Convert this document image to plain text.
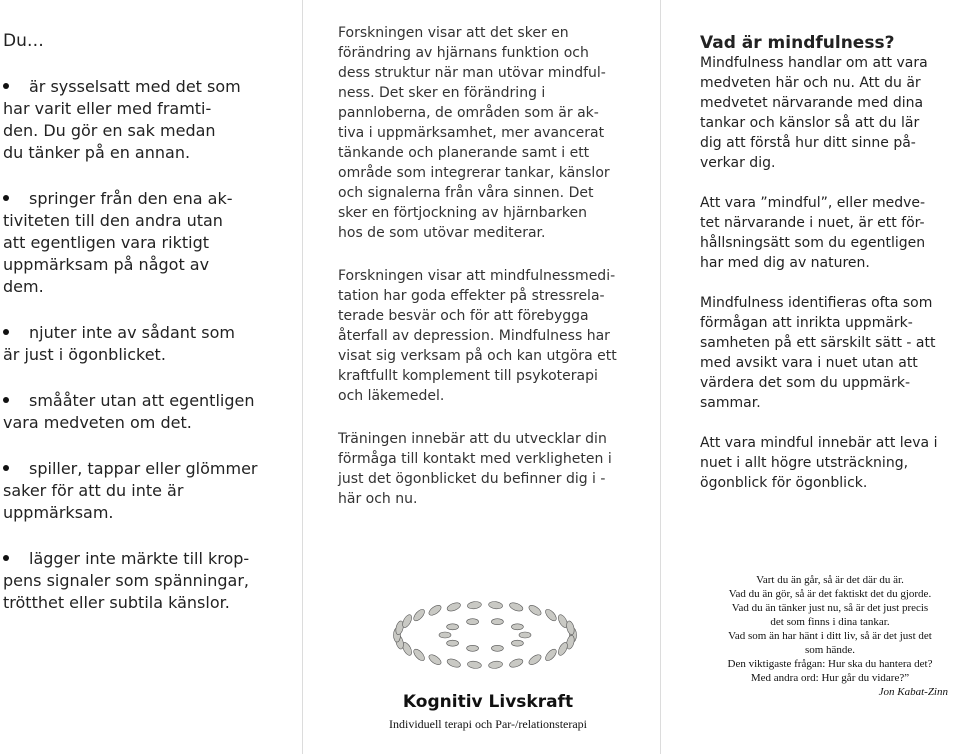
Du…
är sysselsatt med det som
har varit eller med framti-
den. Du gör en sak medan
du tänker på en annan.
springer från den ena ak-
tiviteten till den andra utan
att egentligen vara riktigt
uppmärksam på något av
dem.
njuter inte av sådant som
är just i ögonblicket.
smååter utan att egentligen
vara medveten om det.
spiller, tappar eller glömmer
saker för att du inte är
uppmärksam.
lägger inte märkte till krop-
pens signaler som spänningar,
trötthet eller subtila känslor.

Forskningen visar att det sker en
förändring av hjärnans funktion och
dess struktur när man utövar mindful-
ness. Det sker en förändring i
pannloberna, de områden som är ak-
tiva i uppmärksamhet, mer avancerat
tänkande och planerande samt i ett
område som integrerar tankar, känslor
och signalerna från våra sinnen. Det
sker en förtjockning av hjärnbarken
hos de som utövar mediterar.

Forskningen visar att mindfulnessmedi-
tation har goda effekter på stressrela-
terade besvär och för att förebygga
återfall av depression. Mindfulness har
visat sig verksam på och kan utgöra ett
kraftfullt komplement till psykoterapi
och läkemedel.

Träningen innebär att du utvecklar din
förmåga till kontakt med verkligheten i
just det ögonblicket du befinner dig i -
här och nu.

Vad är mindfulness?

Mindfulness handlar om att vara
medveten här och nu. Att du är
medvetet närvarande med dina
tankar och känslor så att du lär
dig att förstå hur ditt sinne på-
verkar dig.

Att vara ”mindful”, eller medve-
tet närvarande i nuet, är ett för-
hållsningsätt som du egentligen
har med dig av naturen.

Mindfulness identifieras ofta som
förmågan att inrikta uppmärk-
samheten på ett särskilt sätt - att
med avsikt vara i nuet utan att
värdera det som du uppmärk-
sammar.

Att vara mindful innebär att leva i
nuet i allt högre utsträckning,
ögonblick för ögonblick.

Vart du än går, så är det där du är.
Vad du än gör, så är det faktiskt det du gjorde.
Vad du än tänker just nu, så är det just precis
det som finns i dina tankar.
Vad som än har hänt i ditt liv, så är det just det
som hände.
Den viktigaste frågan: Hur ska du hantera det?
Med andra ord: Hur går du vidare?”
Jon Kabat-Zinn
Kognitiv Livskraft
Individuell terapi och Par-/relationsterapi
